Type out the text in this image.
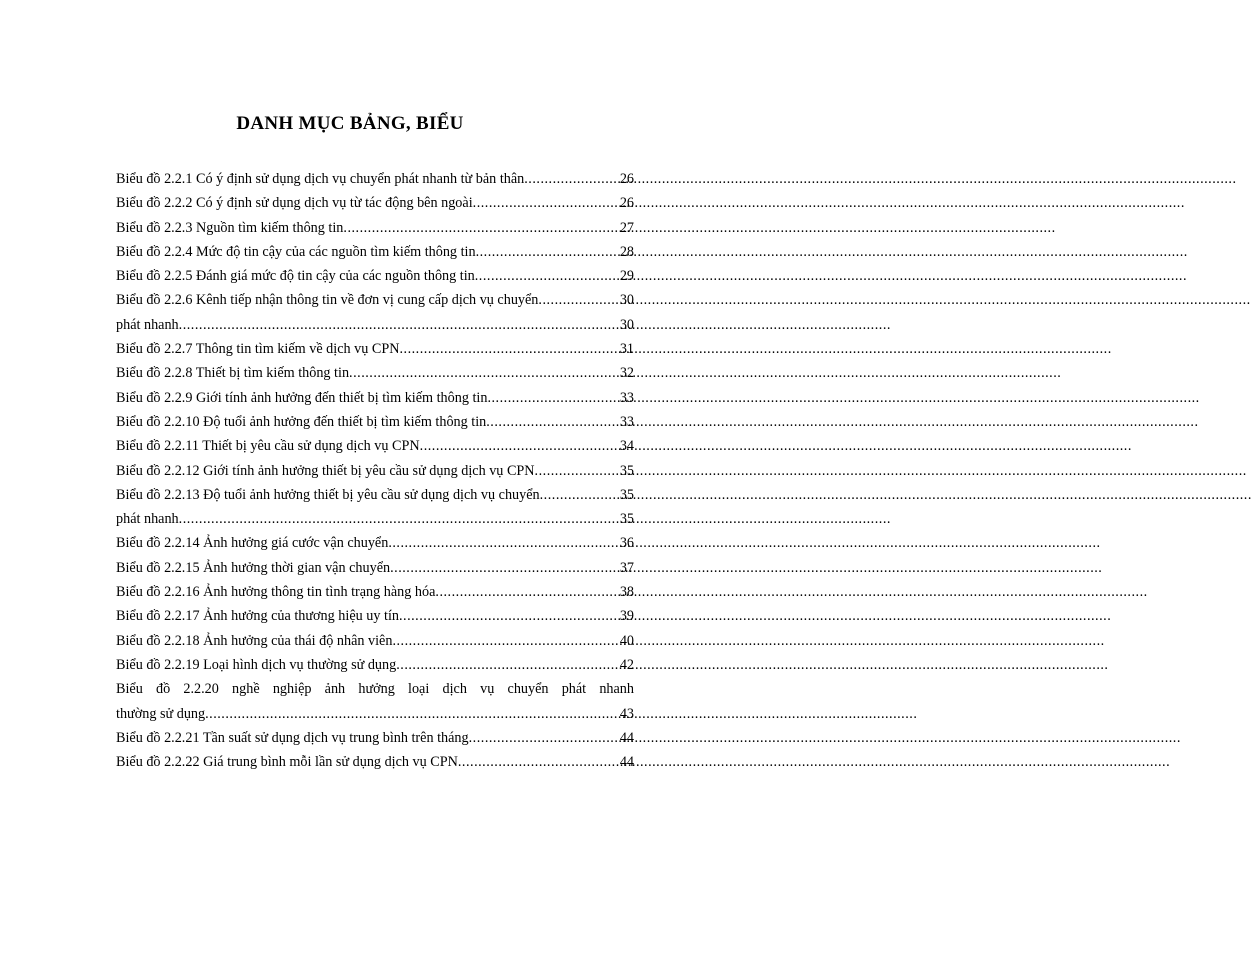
DANH MỤC BẢNG, BIỂU
Biểu đồ 2.2.1 Có ý định sử dụng dịch vụ chuyển phát nhanh từ bản thân .....	26
Biểu đồ 2.2.2 Có ý định sử dụng dịch vụ từ tác động bên ngoài .....	26
Biểu đồ 2.2.3 Nguồn tìm kiếm thông tin .....	27
Biểu đồ 2.2.4 Mức độ tin cậy của các nguồn tìm kiếm thông tin .....	28
Biểu đồ 2.2.5 Đánh giá mức độ tin cậy của các nguồn thông tin .....	29
Biểu đồ 2.2.6 Kênh tiếp nhận thông tin về đơn vị cung cấp dịch vụ chuyển .....	30
phát nhanh .....	30
Biểu đồ 2.2.7 Thông tin tìm kiếm về dịch vụ CPN .....	31
Biểu đồ 2.2.8 Thiết bị tìm kiếm thông tin .....	32
Biểu đồ 2.2.9 Giới tính ảnh hưởng đến thiết bị tìm kiếm thông tin .....	33
Biểu đồ 2.2.10 Độ tuổi ảnh hưởng đến thiết bị tìm kiếm thông tin .....	33
Biểu đồ 2.2.11 Thiết bị yêu cầu sử dụng dịch vụ CPN .....	34
Biểu đồ 2.2.12 Giới tính ảnh hưởng thiết bị yêu cầu sử dụng dịch vụ CPN .....	35
Biểu đồ 2.2.13 Độ tuổi ảnh hưởng thiết bị yêu cầu sử dụng dịch vụ chuyển .....	35
phát nhanh .....	35
Biểu đồ 2.2.14 Ảnh hưởng giá cước vận chuyển .....	36
Biểu đồ 2.2.15 Ảnh hưởng thời gian vận chuyển .....	37
Biểu đồ 2.2.16 Ảnh hưởng thông tin tình trạng hàng hóa .....	38
Biểu đồ 2.2.17 Ảnh hưởng của thương hiệu uy tín .....	39
Biểu đồ 2.2.18 Ảnh hưởng của thái độ nhân viên .....	40
Biểu đồ 2.2.19 Loại hình dịch vụ thường sử dụng .....	42
Biểu đồ 2.2.20 nghề nghiệp ảnh hưởng loại dịch vụ chuyển phát nhanh
thường sử dụng .....	43
Biểu đồ 2.2.21 Tần suất sử dụng dịch vụ trung bình trên tháng .....	44
Biểu đồ 2.2.22 Giá trung bình mỗi lần sử dụng dịch vụ CPN .....	44
